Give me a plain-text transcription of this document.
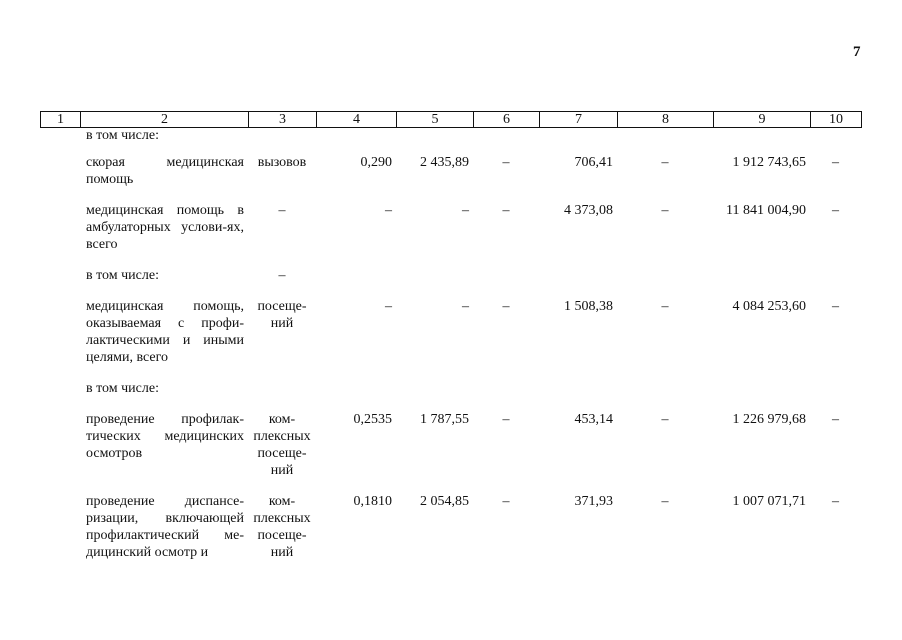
7
1	2	3	4	5	6	7	8	9	10
	в том числе:								
	скорая медицинская помощь	вызовов	0,290	2 435,89	–	706,41	–	1 912 743,65	–
	медицинская помощь в амбулаторных услови-ях, всего	–	–	–	–	4 373,08	–	11 841 004,90	–
	в том числе:	–							
	медицинская помощь, оказываемая с профи-лактическими и иными целями, всего	посеще-ний	–	–	–	1 508,38	–	4 084 253,60	–
	в том числе:								
	проведение профилак-тических медицинских осмотров	ком-плексных посеще-ний	0,2535	1 787,55	–	453,14	–	1 226 979,68	–
	проведение диспансе-ризации, включающей профилактический ме-дицинский осмотр и	ком-плексных посеще-ний	0,1810	2 054,85	–	371,93	–	1 007 071,71	–
